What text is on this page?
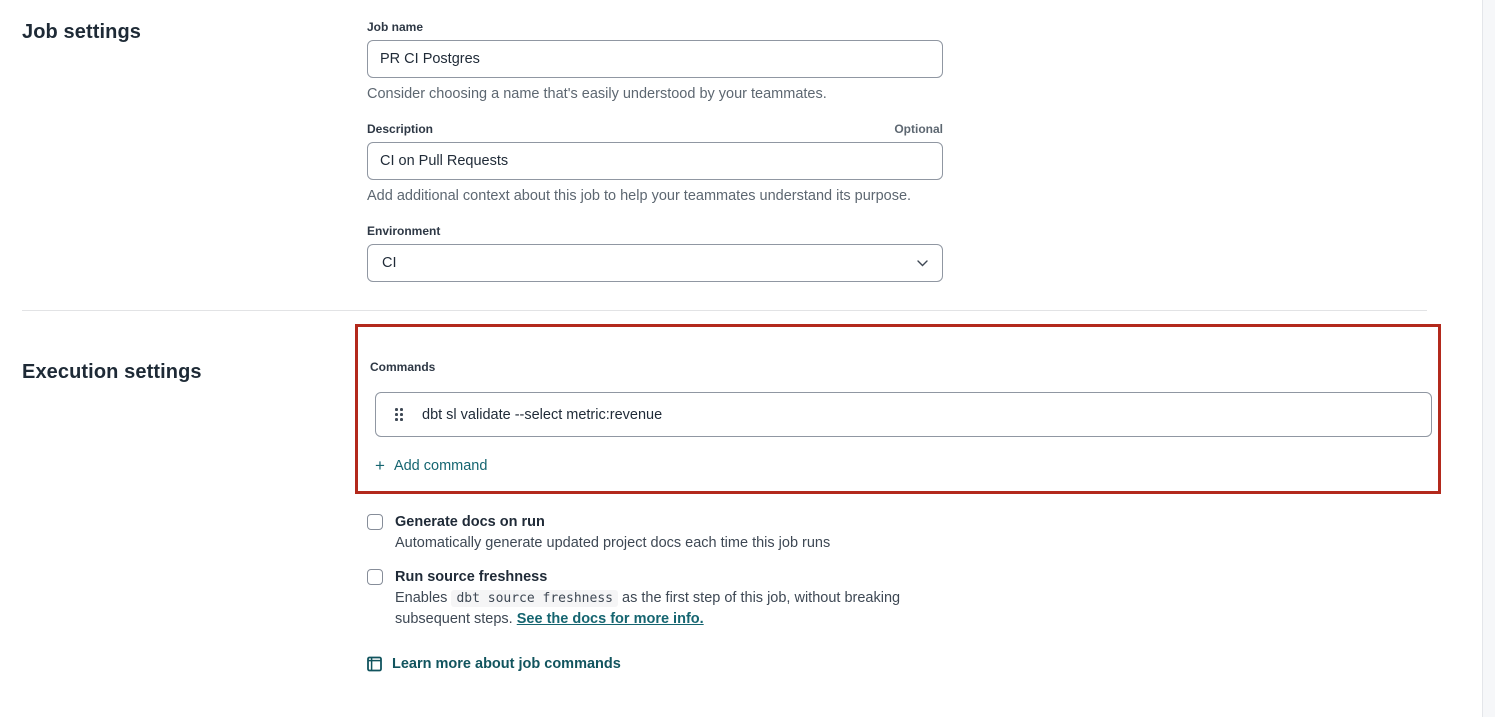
Job settings	Job name
PR CI Postgres
Consider choosing a name that's easily understood by your teammates.
Description	Optional
CI on Pull Requests
Add additional context about this job to help your teammates understand its purpose.
Environment
CI
Execution settings	Commands
dbt sl validate --select metric:revenue
+ Add command
Generate docs on run
Automatically generate updated project docs each time this job runs
Run source freshness
Enables dbt source freshness as the first step of this job, without breaking subsequent steps. See the docs for more info.
Learn more about job commands
